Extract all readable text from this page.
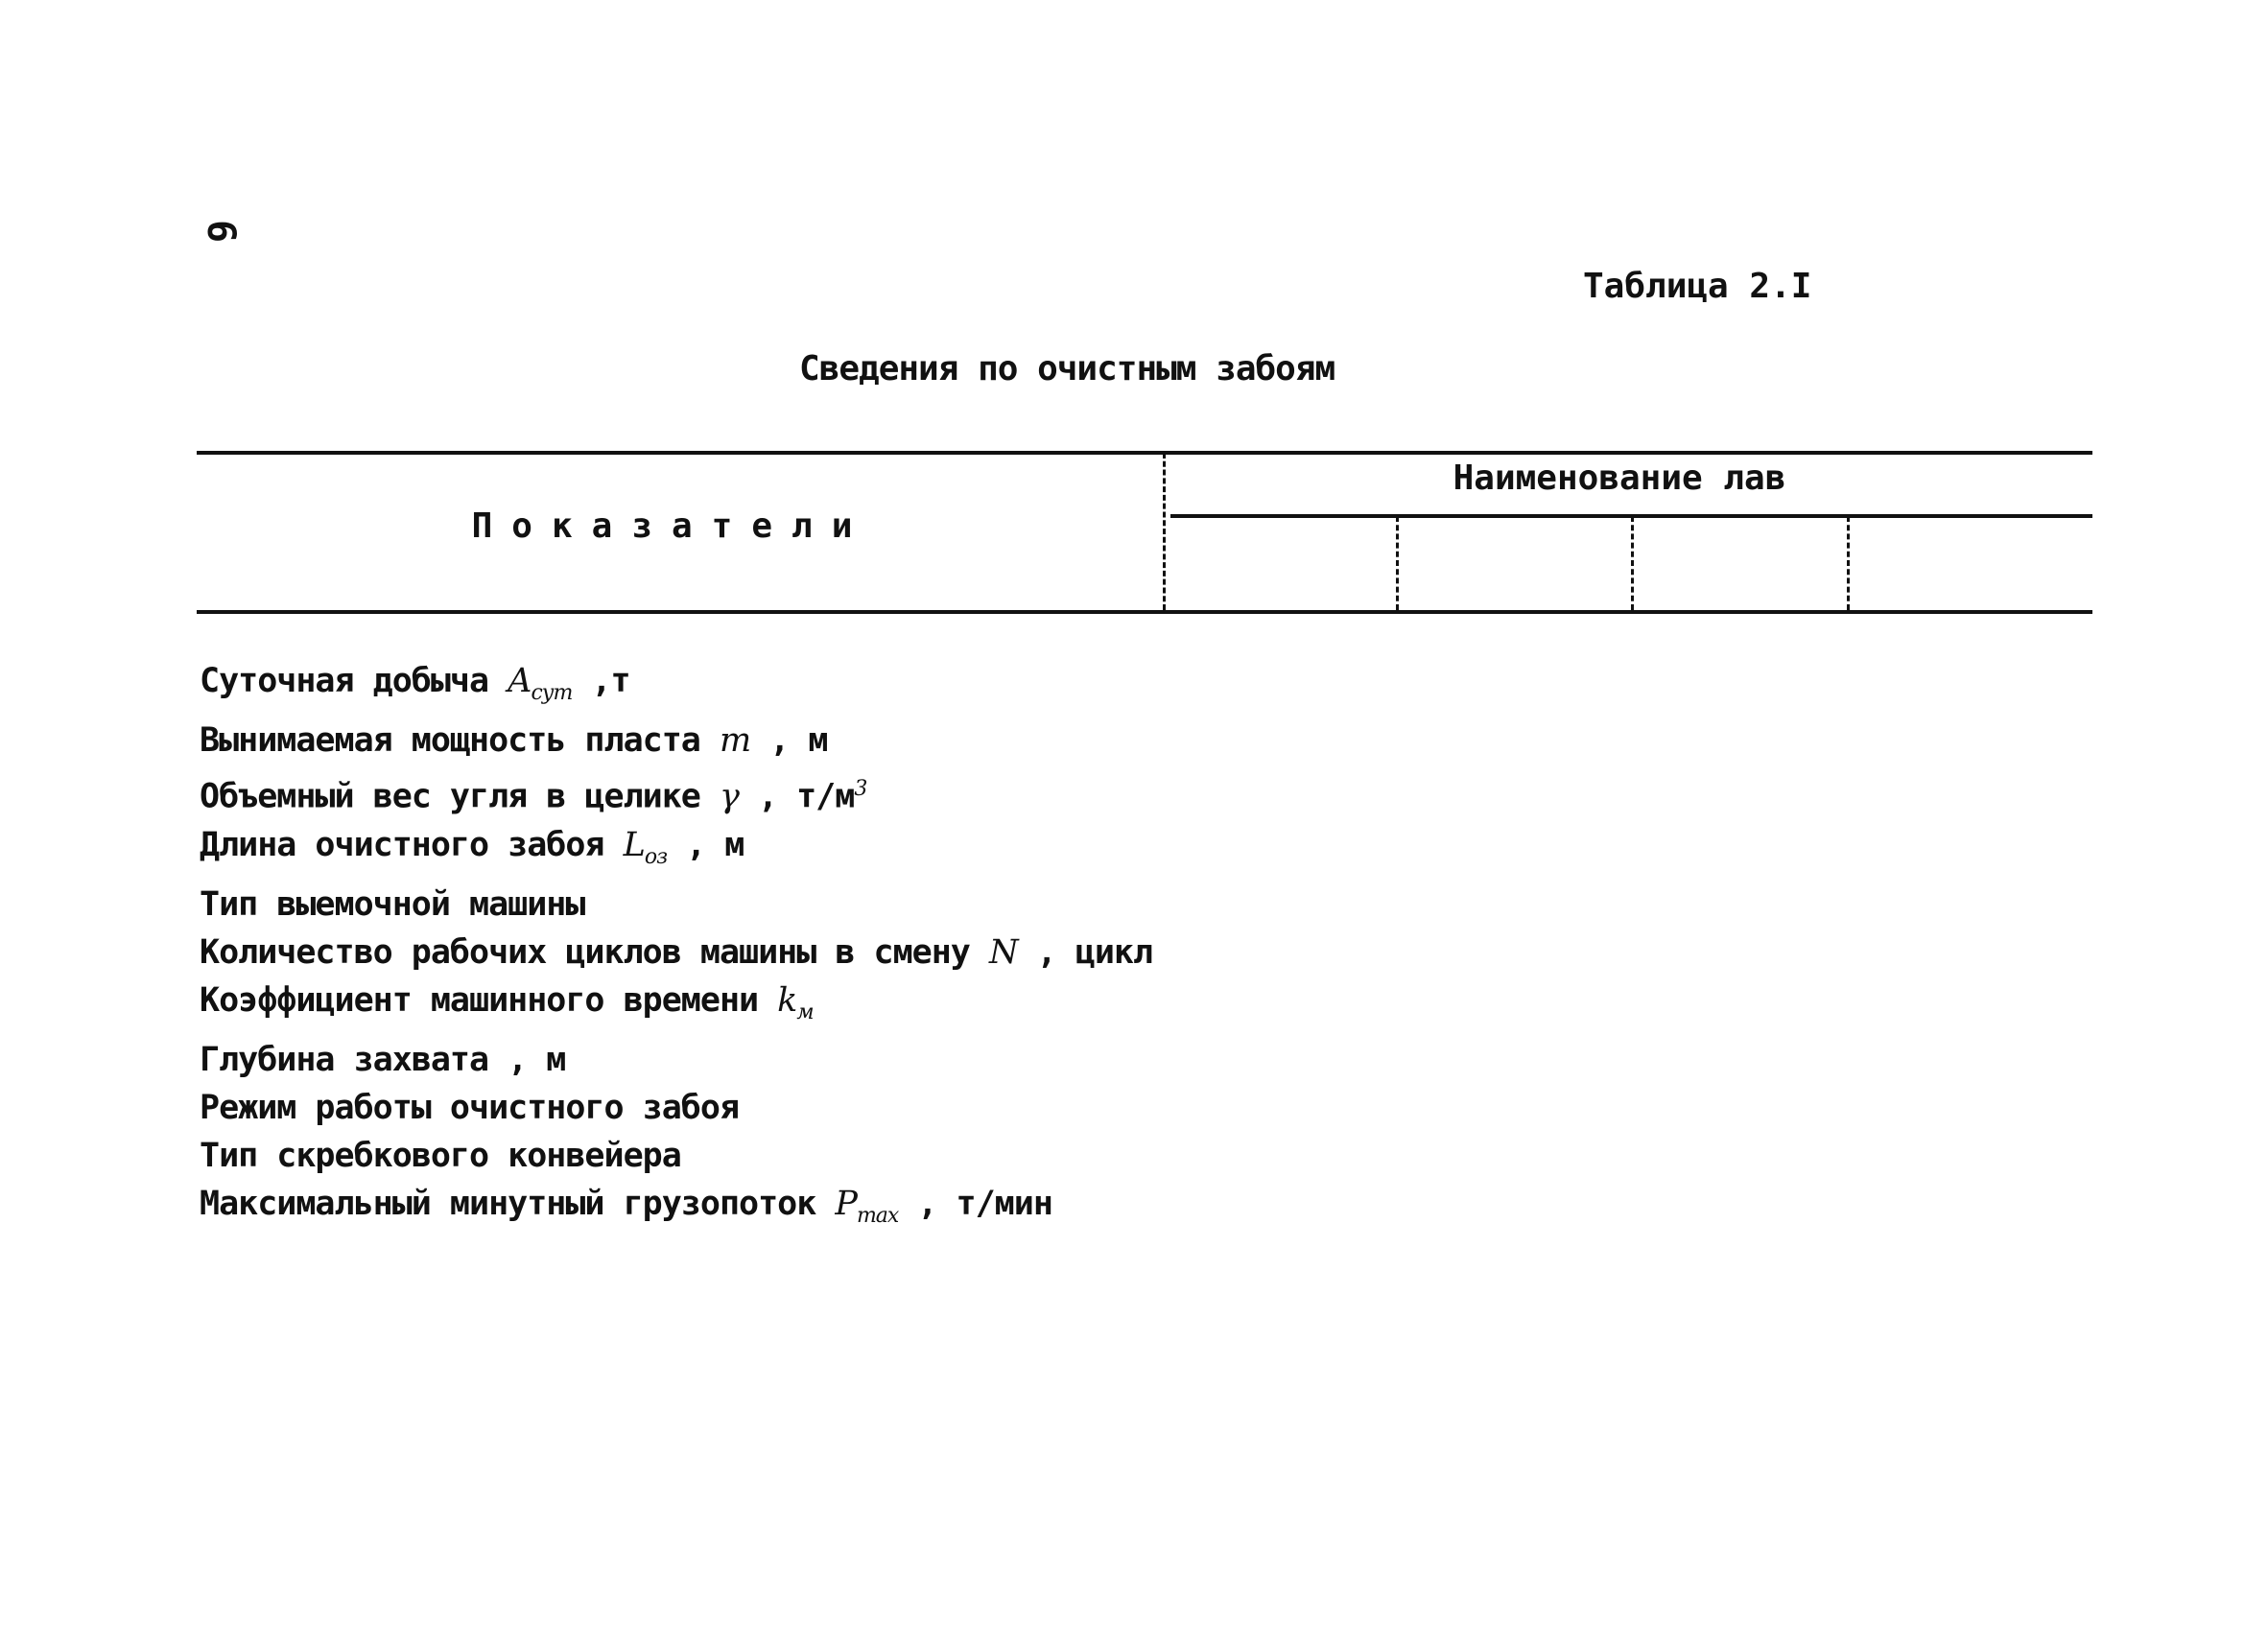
6
Таблица 2.I
Сведения по очистным забоям
Показатели
Наименование лав
Суточная добыча $A_{сут}$ ,т
Вынимаемая мощность пласта m , м
Объемный вес угля в целике γ , $т/м^3$
Длина очистного забоя $L_{оз}$ , м
Тип выемочной машины
Количество рабочих циклов машины в смену N , цикл
Коэффициент машинного времени $k_м$
Глубина захвата , м
Режим работы очистного забоя
Тип скребкового конвейера
Максимальный минутный грузопоток $P_{max}$ , т/мин
